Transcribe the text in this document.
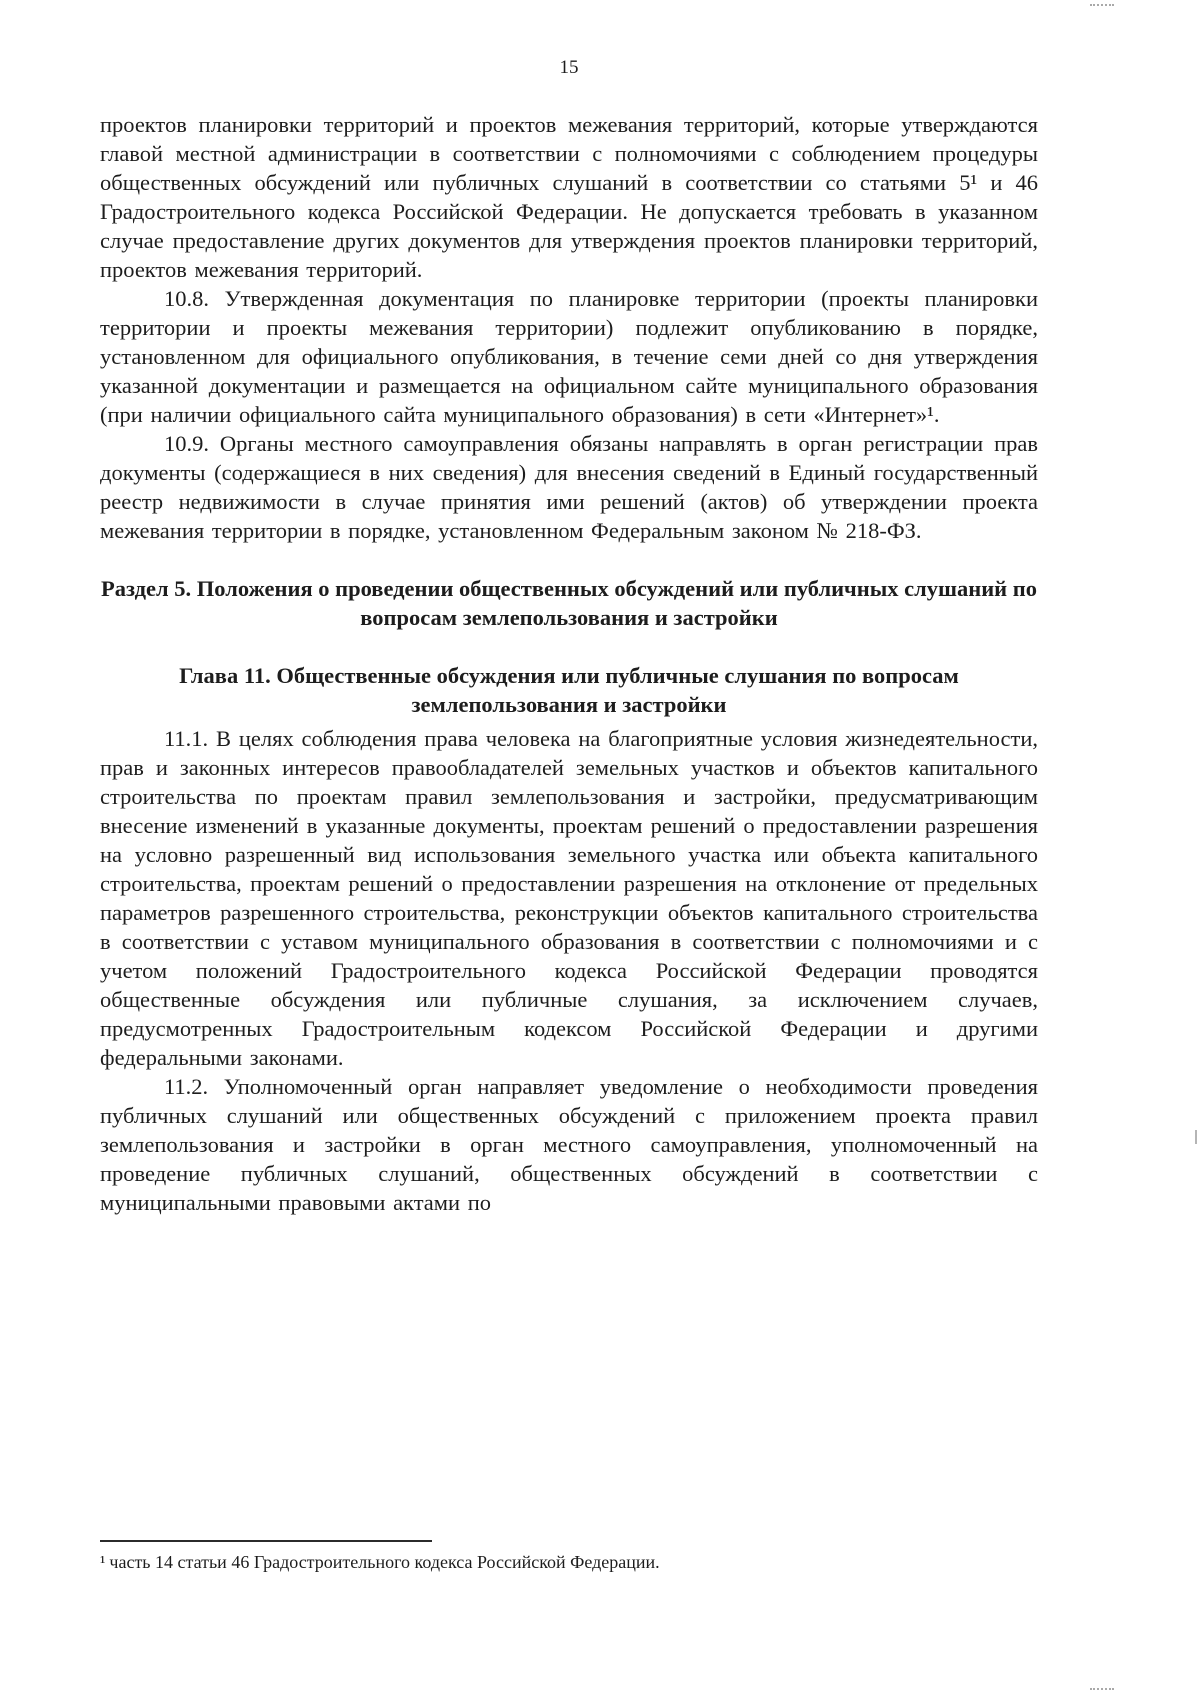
15

проектов планировки территорий и проектов межевания территорий, которые утверждаются главой местной администрации в соответствии с полномочиями с соблюдением процедуры общественных обсуждений или публичных слушаний в соответствии со статьями 5¹ и 46 Градостроительного кодекса Российской Федерации. Не допускается требовать в указанном случае предоставление других документов для утверждения проектов планировки территорий, проектов межевания территорий.

10.8. Утвержденная документация по планировке территории (проекты планировки территории и проекты межевания территории) подлежит опубликованию в порядке, установленном для официального опубликования, в течение семи дней со дня утверждения указанной документации и размещается на официальном сайте муниципального образования (при наличии официального сайта муниципального образования) в сети «Интернет»¹.

10.9. Органы местного самоуправления обязаны направлять в орган регистрации прав документы (содержащиеся в них сведения) для внесения сведений в Единый государственный реестр недвижимости в случае принятия ими решений (актов) об утверждении проекта межевания территории в порядке, установленном Федеральным законом № 218-ФЗ.

Раздел 5. Положения о проведении общественных обсуждений или публичных слушаний по вопросам землепользования и застройки
Глава 11. Общественные обсуждения или публичные слушания по вопросам землепользования и застройки

11.1. В целях соблюдения права человека на благоприятные условия жизнедеятельности, прав и законных интересов правообладателей земельных участков и объектов капитального строительства по проектам правил землепользования и застройки, предусматривающим внесение изменений в указанные документы, проектам решений о предоставлении разрешения на условно разрешенный вид использования земельного участка или объекта капитального строительства, проектам решений о предоставлении разрешения на отклонение от предельных параметров разрешенного строительства, реконструкции объектов капитального строительства в соответствии с уставом муниципального образования в соответствии с полномочиями и с учетом положений Градостроительного кодекса Российской Федерации проводятся общественные обсуждения или публичные слушания, за исключением случаев, предусмотренных Градостроительным кодексом Российской Федерации и другими федеральными законами.

11.2. Уполномоченный орган направляет уведомление о необходимости проведения публичных слушаний или общественных обсуждений с приложением проекта правил землепользования и застройки в орган местного самоуправления, уполномоченный на проведение публичных слушаний, общественных обсуждений в соответствии с муниципальными правовыми актами по

¹ часть 14 статьи 46 Градостроительного кодекса Российской Федерации.
